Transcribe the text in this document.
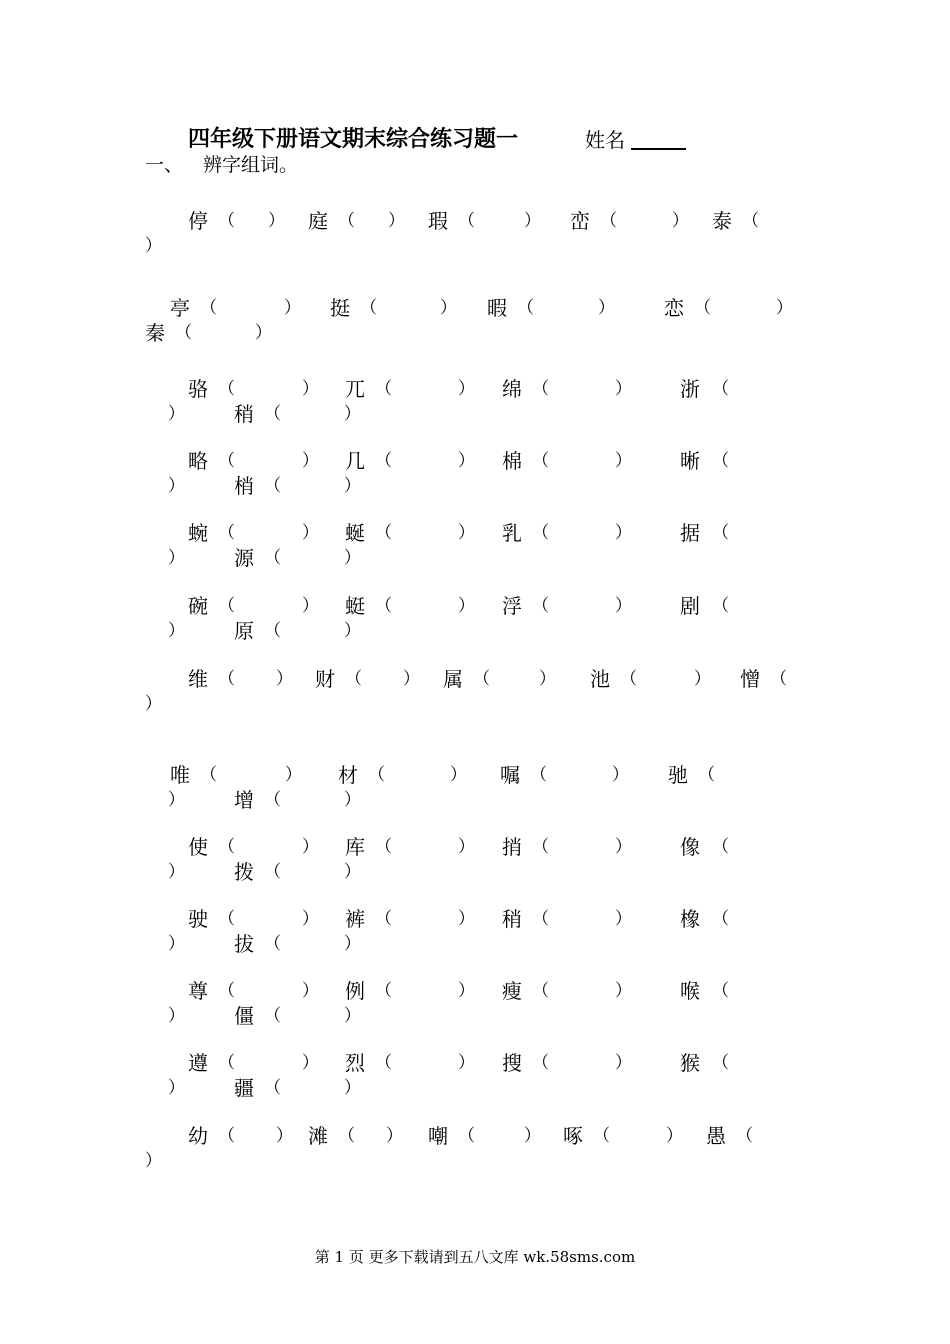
四年级下册语文期末综合练习题一	姓名
一、 辨字组词。
停 （ ） 庭 （ ） 瑕 （	） 峦 （	） 泰 （
）
亭 （	） 挺 （	） 暇 （	） 恋 （	）
秦 （	）
骆 （	） 兀 （	） 绵 （	） 浙 （
） 稍 （	）
略 （	） 几 （	） 棉 （	） 晰 （
） 梢 （	）
蜿 （	） 蜒 （	） 乳 （	） 据 （
） 源 （	）
碗 （	） 蜓 （	） 浮 （	） 剧 （
） 原 （	）
维 （ ） 财 （ ） 属 （	） 池 （	） 憎 （
）
唯 （	） 材 （	） 嘱 （	） 驰 （
） 增 （	）
使 （	） 库 （	） 捎 （	） 像 （
） 拨 （	）
驶 （	） 裤 （	） 稍 （	） 橡 （
） 拔 （	）
尊 （	） 例 （	） 瘦 （	） 喉 （
） 僵 （	）
遵 （	） 烈 （	） 搜 （	） 猴 （
） 疆 （	）
幼 （ ） 滩 （ ） 嘲 （	） 啄 （	） 愚 （
）
第 1 页 更多下载请到五八文库 wk.58sms.com
